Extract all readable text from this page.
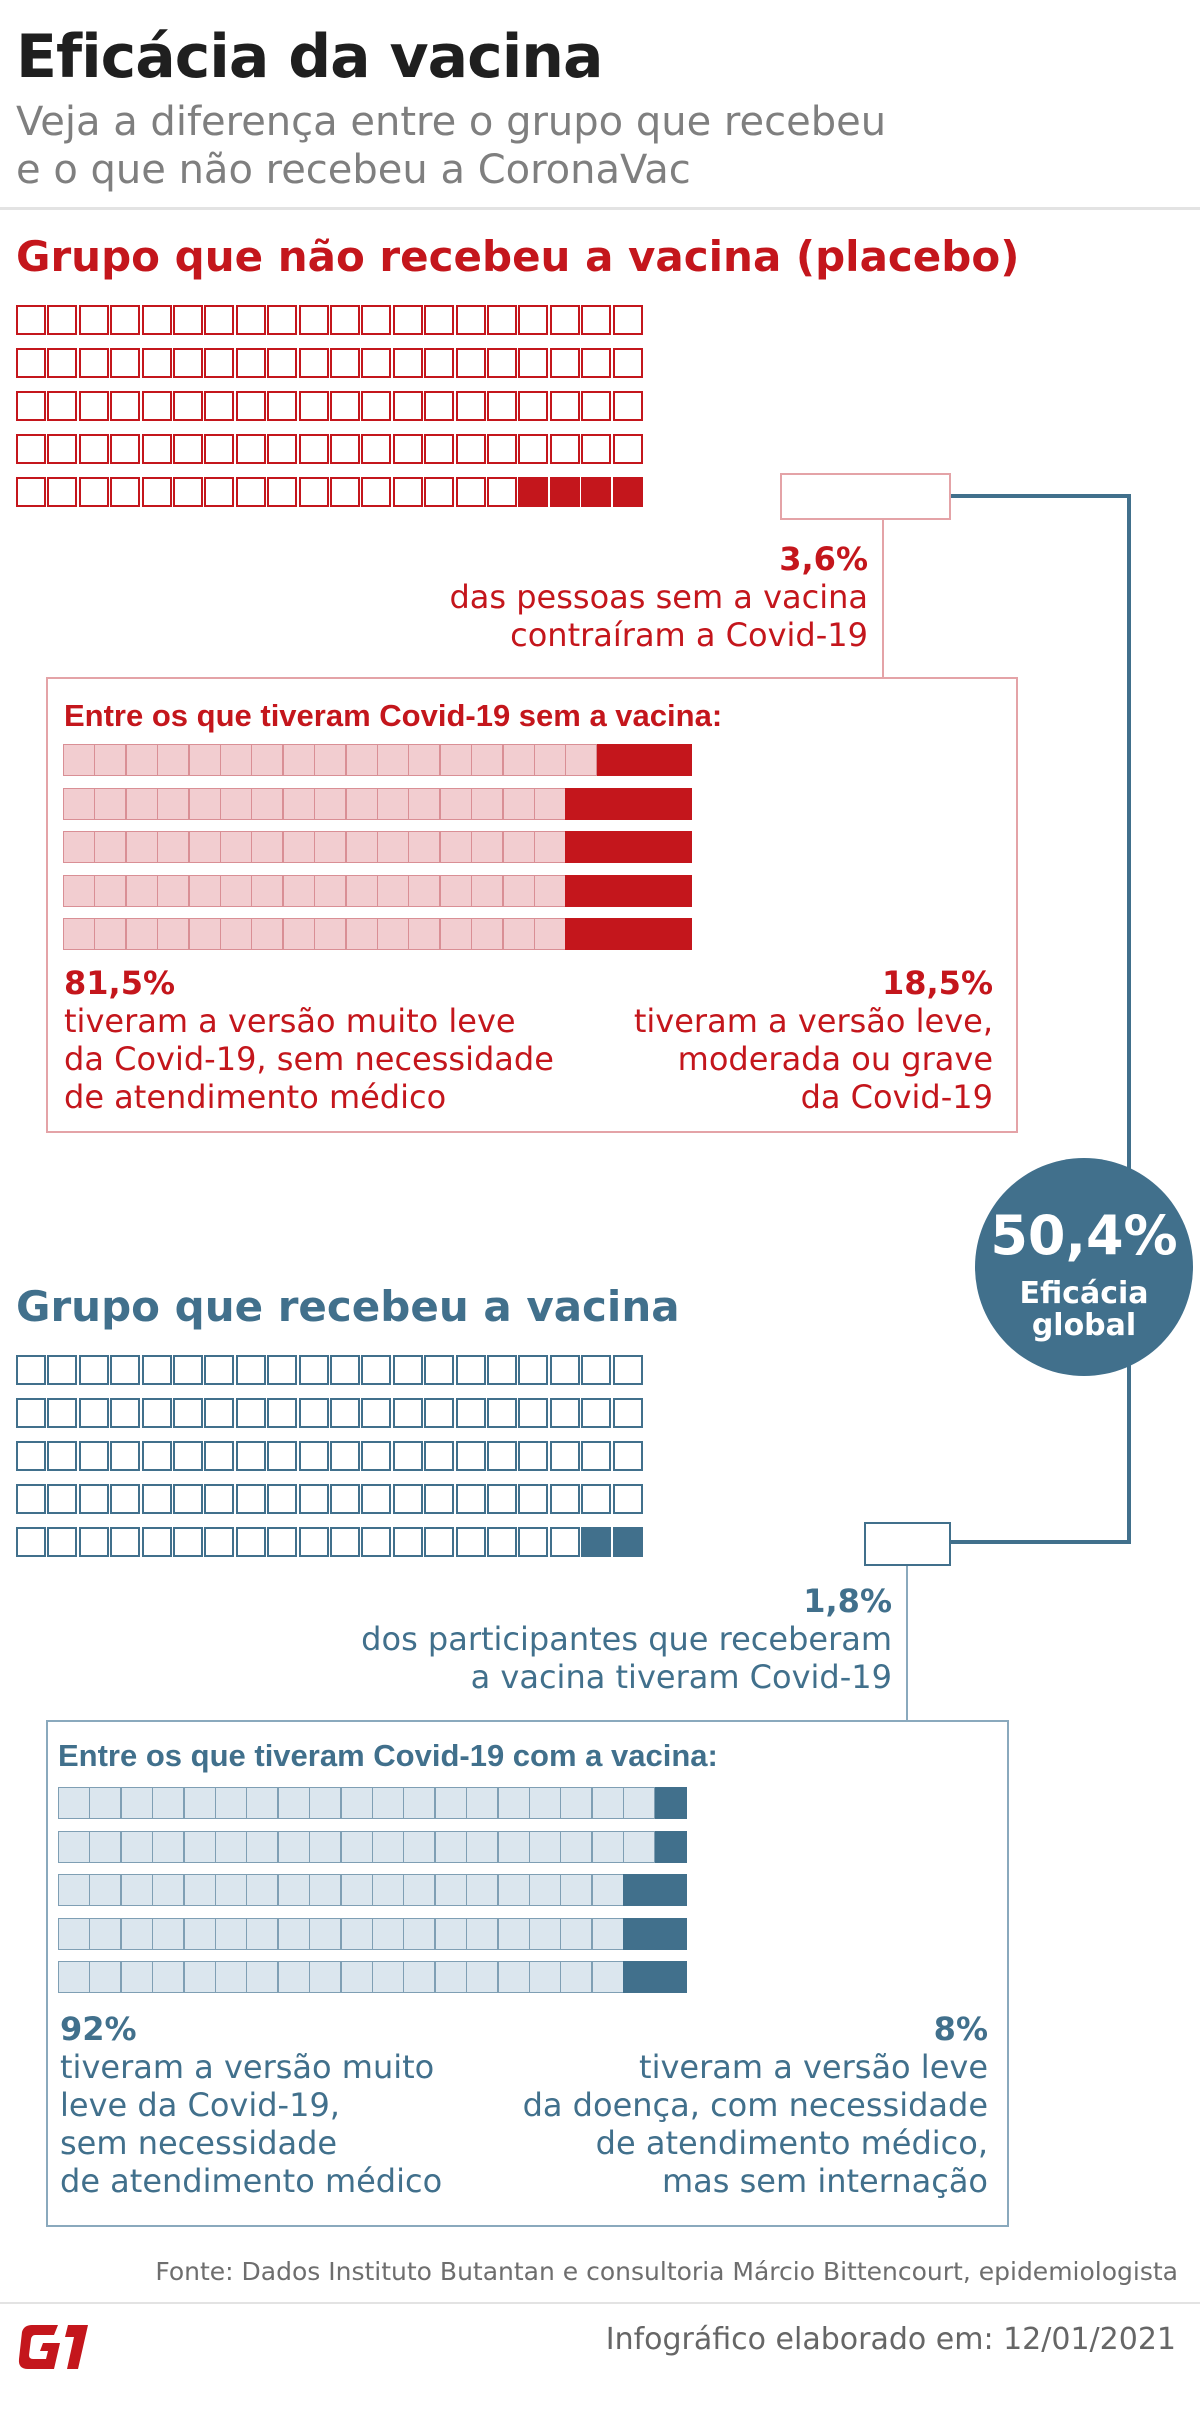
Eficácia da vacina
Veja a diferença entre o grupo que recebeu
e o que não recebeu a CoronaVac
Grupo que não recebeu a vacina (placebo)
3,6%
das pessoas sem a vacina
contraíram a Covid-19
Entre os que tiveram Covid-19 sem a vacina:
81,5%
tiveram a versão muito leve
da Covid-19, sem necessidade
de atendimento médico
18,5%
tiveram a versão leve,
moderada ou grave
da Covid-19
50,4%
Eficácia
global
Grupo que recebeu a vacina
1,8%
dos participantes que receberam
a vacina tiveram Covid-19
Entre os que tiveram Covid-19 com a vacina:
92%
tiveram a versão muito
leve da Covid-19,
sem necessidade
de atendimento médico
8%
tiveram a versão leve
da doença, com necessidade
de atendimento médico,
mas sem internação
Fonte: Dados Instituto Butantan e consultoria Márcio Bittencourt, epidemiologista
Infográfico elaborado em: 12/01/2021
